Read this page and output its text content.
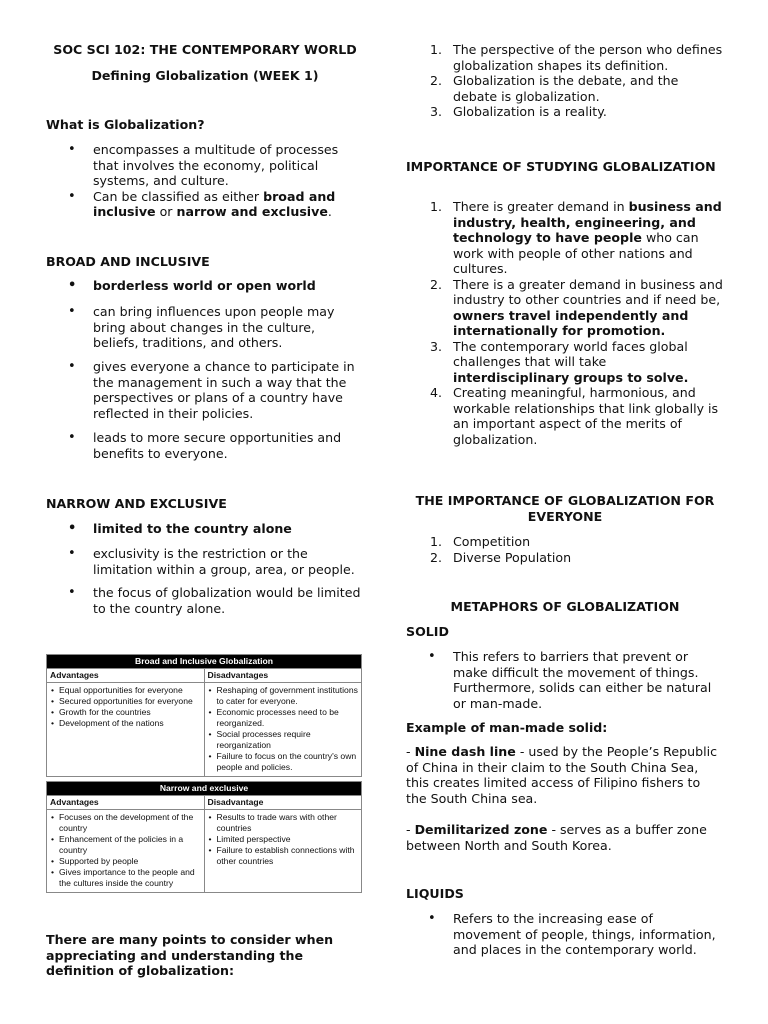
SOC SCI 102: THE CONTEMPORARY WORLD
Defining Globalization (WEEK 1)
What is Globalization?
• encompasses a multitude of processes that involves the economy, political systems, and culture.
• Can be classified as either broad and inclusive or narrow and exclusive.
BROAD AND INCLUSIVE
• borderless world or open world
• can bring influences upon people may bring about changes in the culture, beliefs, traditions, and others.
• gives everyone a chance to participate in the management in such a way that the perspectives or plans of a country have reflected in their policies.
• leads to more secure opportunities and benefits to everyone.
NARROW AND EXCLUSIVE
• limited to the country alone
• exclusivity is the restriction or the limitation within a group, area, or people.
• the focus of globalization would be limited to the country alone.
Broad and Inclusive Globalization
Advantages	Disadvantages
• Equal opportunities for everyone
• Secured opportunities for everyone
• Growth for the countries
• Development of the nations
• Reshaping of government institutions to cater for everyone.
• Economic processes need to be reorganized.
• Social processes require reorganization
• Failure to focus on the country's own people and policies.
Narrow and exclusive
Advantages	Disadvantage
• Focuses on the development of the country
• Enhancement of the policies in a country
• Supported by people
• Gives importance to the people and the cultures inside the country
• Results to trade wars with other countries
• Limited perspective
• Failure to establish connections with other countries
There are many points to consider when appreciating and understanding the definition of globalization:
1. The perspective of the person who defines globalization shapes its definition.
2. Globalization is the debate, and the debate is globalization.
3. Globalization is a reality.
IMPORTANCE OF STUDYING GLOBALIZATION
1. There is greater demand in business and industry, health, engineering, and technology to have people who can work with people of other nations and cultures.
2. There is a greater demand in business and industry to other countries and if need be, owners travel independently and internationally for promotion.
3. The contemporary world faces global challenges that will take interdisciplinary groups to solve.
4. Creating meaningful, harmonious, and workable relationships that link globally is an important aspect of the merits of globalization.
THE IMPORTANCE OF GLOBALIZATION FOR EVERYONE
1. Competition
2. Diverse Population
METAPHORS OF GLOBALIZATION
SOLID
• This refers to barriers that prevent or make difficult the movement of things. Furthermore, solids can either be natural or man-made.
Example of man-made solid:

- Nine dash line - used by the People’s Republic of China in their claim to the South China Sea, this creates limited access of Filipino fishers to the South China sea.

- Demilitarized zone - serves as a buffer zone between North and South Korea.

LIQUIDS
• Refers to the increasing ease of movement of people, things, information, and places in the contemporary world.
